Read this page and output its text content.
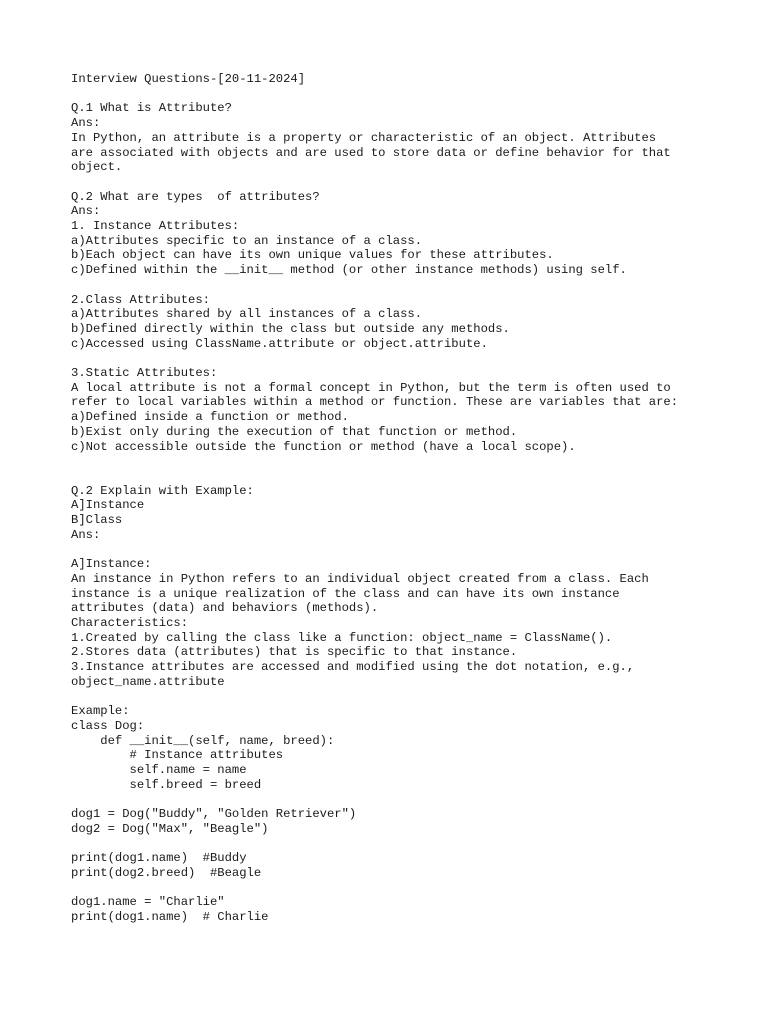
Interview Questions-[20-11-2024]
Q.1 What is Attribute?
Ans:
In Python, an attribute is a property or characteristic of an object. Attributes
are associated with objects and are used to store data or define behavior for that
object.
Q.2 What are types  of attributes?
Ans:
1. Instance Attributes:
a)Attributes specific to an instance of a class.
b)Each object can have its own unique values for these attributes.
c)Defined within the __init__ method (or other instance methods) using self.
2.Class Attributes:
a)Attributes shared by all instances of a class.
b)Defined directly within the class but outside any methods.
c)Accessed using ClassName.attribute or object.attribute.
3.Static Attributes:
A local attribute is not a formal concept in Python, but the term is often used to
refer to local variables within a method or function. These are variables that are:
a)Defined inside a function or method.
b)Exist only during the execution of that function or method.
c)Not accessible outside the function or method (have a local scope).
Q.2 Explain with Example:
A]Instance
B]Class
Ans:
A]Instance:
An instance in Python refers to an individual object created from a class. Each
instance is a unique realization of the class and can have its own instance
attributes (data) and behaviors (methods).
Characteristics:
1.Created by calling the class like a function: object_name = ClassName().
2.Stores data (attributes) that is specific to that instance.
3.Instance attributes are accessed and modified using the dot notation, e.g.,
object_name.attribute
Example:
class Dog:
def __init__(self, name, breed):
# Instance attributes
self.name = name
self.breed = breed
dog1 = Dog("Buddy", "Golden Retriever")
dog2 = Dog("Max", "Beagle")
print(dog1.name)  #Buddy
print(dog2.breed)  #Beagle
dog1.name = "Charlie"
print(dog1.name)  # Charlie
